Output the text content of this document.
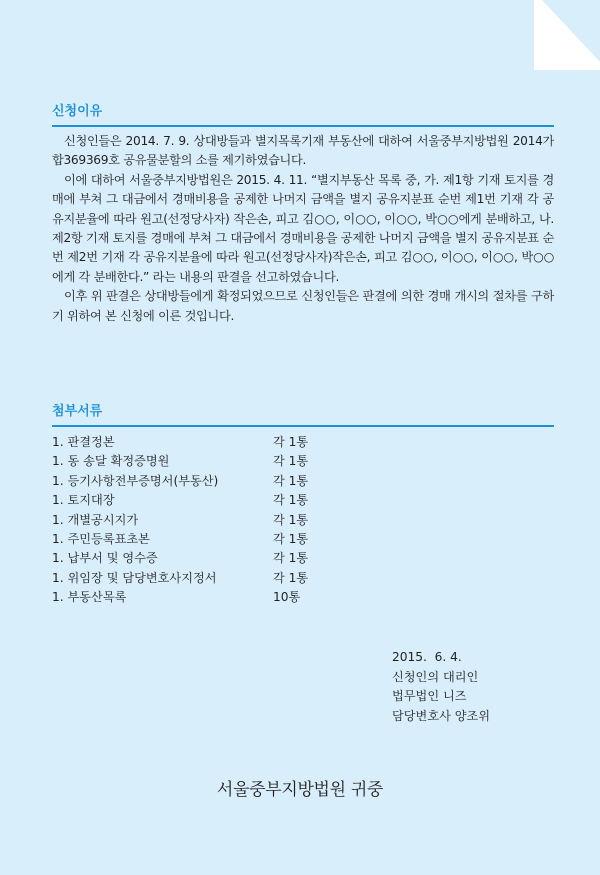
신청이유

신청인들은 2014. 7. 9. 상대방들과 별지목록기재 부동산에 대하여 서울중부지방법원 2014가합369369호 공유물분할의 소를 제기하였습니다.

이에 대하여 서울중부지방법원은 2015. 4. 11. “별지부동산 목록 중, 가. 제1항 기재 토지를 경매에 부쳐 그 대금에서 경매비용을 공제한 나머지 금액을 별지 공유지분표 순번 제1번 기재 각 공유지분율에 따라 원고(선정당사자) 작은손, 피고 김○○, 이○○, 이○○, 박○○에게 분배하고, 나. 제2항 기재 토지를 경매에 부쳐 그 대금에서 경매비용을 공제한 나머지 금액을 별지 공유지분표 순번 제2번 기재 각 공유지분율에 따라 원고(선정당사자)작은손, 피고 김○○, 이○○, 이○○, 박○○에게 각 분배한다.” 라는 내용의 판결을 선고하였습니다.

이후 위 판결은 상대방들에게 확정되었으므로 신청인들은 판결에 의한 경매 개시의 절차를 구하기 위하여 본 신청에 이른 것입니다.

첨부서류
1. 판결정본	각 1통
1. 동 송달 확정증명원	각 1통
1. 등기사항전부증명서(부동산)	각 1통
1. 토지대장	각 1통
1. 개별공시지가	각 1통
1. 주민등록표초본	각 1통
1. 납부서 및 영수증	각 1통
1. 위임장 및 담당변호사지정서	각 1통
1. 부동산목록	10통
2015.  6. 4.
신청인의 대리인
법무법인 니즈
담당변호사 양조위
서울중부지방법원 귀중
